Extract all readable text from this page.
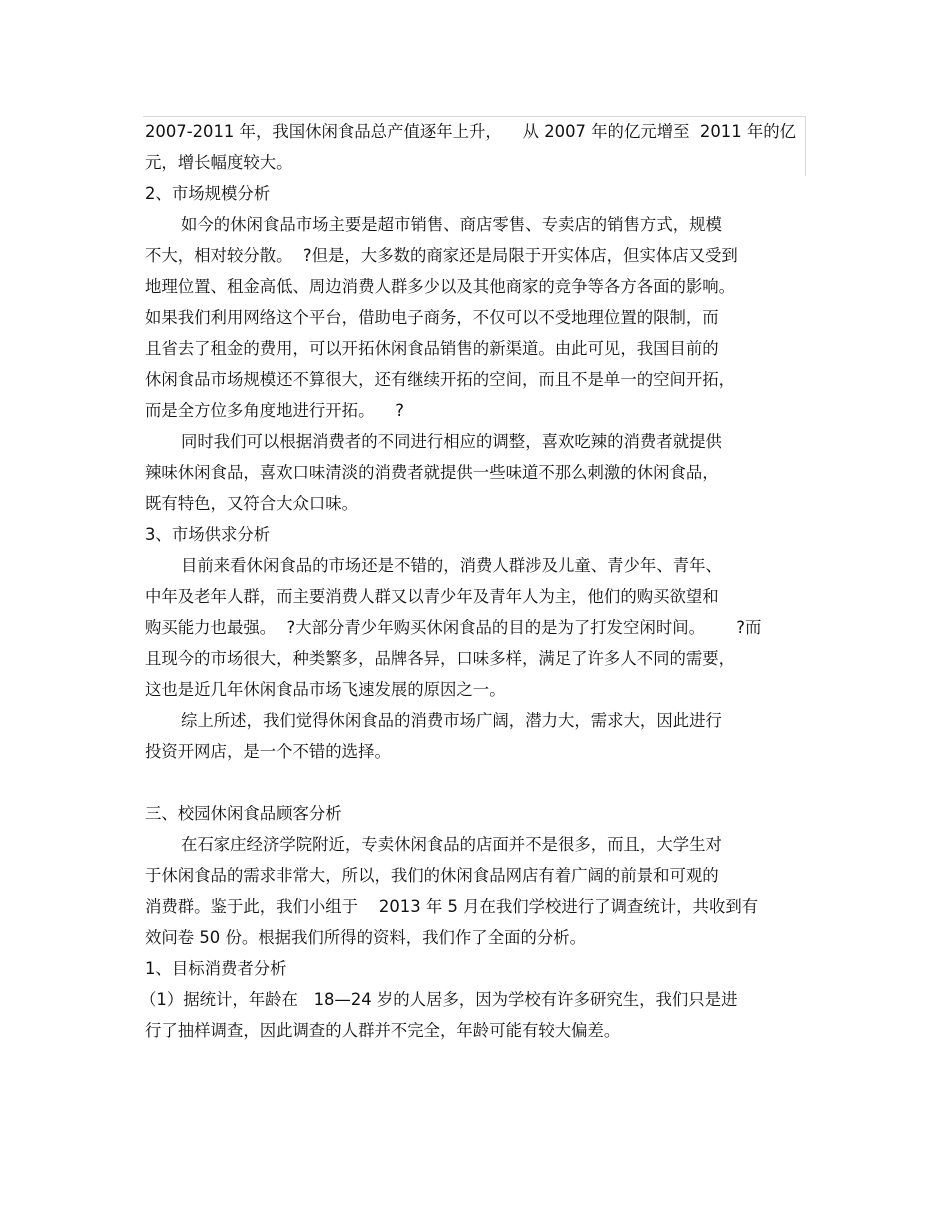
2007-2011 年，我国休闲食品总产值逐年上升，    从 2007 年的亿元增至  2011 年的亿
元，增长幅度较大。
2、市场规模分析
如今的休闲食品市场主要是超市销售、商店零售、专卖店的销售方式，规模
不大，相对较分散。  ?但是，大多数的商家还是局限于开实体店，但实体店又受到
地理位置、租金高低、周边消费人群多少以及其他商家的竞争等各方各面的影响。
如果我们利用网络这个平台，借助电子商务，不仅可以不受地理位置的限制，而
且省去了租金的费用，可以开拓休闲食品销售的新渠道。由此可见，我国目前的
休闲食品市场规模还不算很大，还有继续开拓的空间，而且不是单一的空间开拓，
而是全方位多角度地进行开拓。    ?
同时我们可以根据消费者的不同进行相应的调整，喜欢吃辣的消费者就提供
辣味休闲食品，喜欢口味清淡的消费者就提供一些味道不那么刺激的休闲食品，
既有特色，又符合大众口味。
3、市场供求分析
目前来看休闲食品的市场还是不错的，消费人群涉及儿童、青少年、青年、
中年及老年人群，而主要消费人群又以青少年及青年人为主，他们的购买欲望和
购买能力也最强。  ?大部分青少年购买休闲食品的目的是为了打发空闲时间。      ?而
且现今的市场很大，种类繁多，品牌各异，口味多样，满足了许多人不同的需要，
这也是近几年休闲食品市场飞速发展的原因之一。
综上所述，我们觉得休闲食品的消费市场广阔，潜力大，需求大，因此进行
投资开网店，是一个不错的选择。
三、校园休闲食品顾客分析
在石家庄经济学院附近，专卖休闲食品的店面并不是很多，而且，大学生对
于休闲食品的需求非常大，所以，我们的休闲食品网店有着广阔的前景和可观的
消费群。鉴于此，我们小组于    2013 年 5 月在我们学校进行了调查统计，共收到有
效问卷 50 份。根据我们所得的资料，我们作了全面的分析。
1、目标消费者分析
（1）据统计，年龄在   18—24 岁的人居多，因为学校有许多研究生，我们只是进
行了抽样调查，因此调查的人群并不完全，年龄可能有较大偏差。
